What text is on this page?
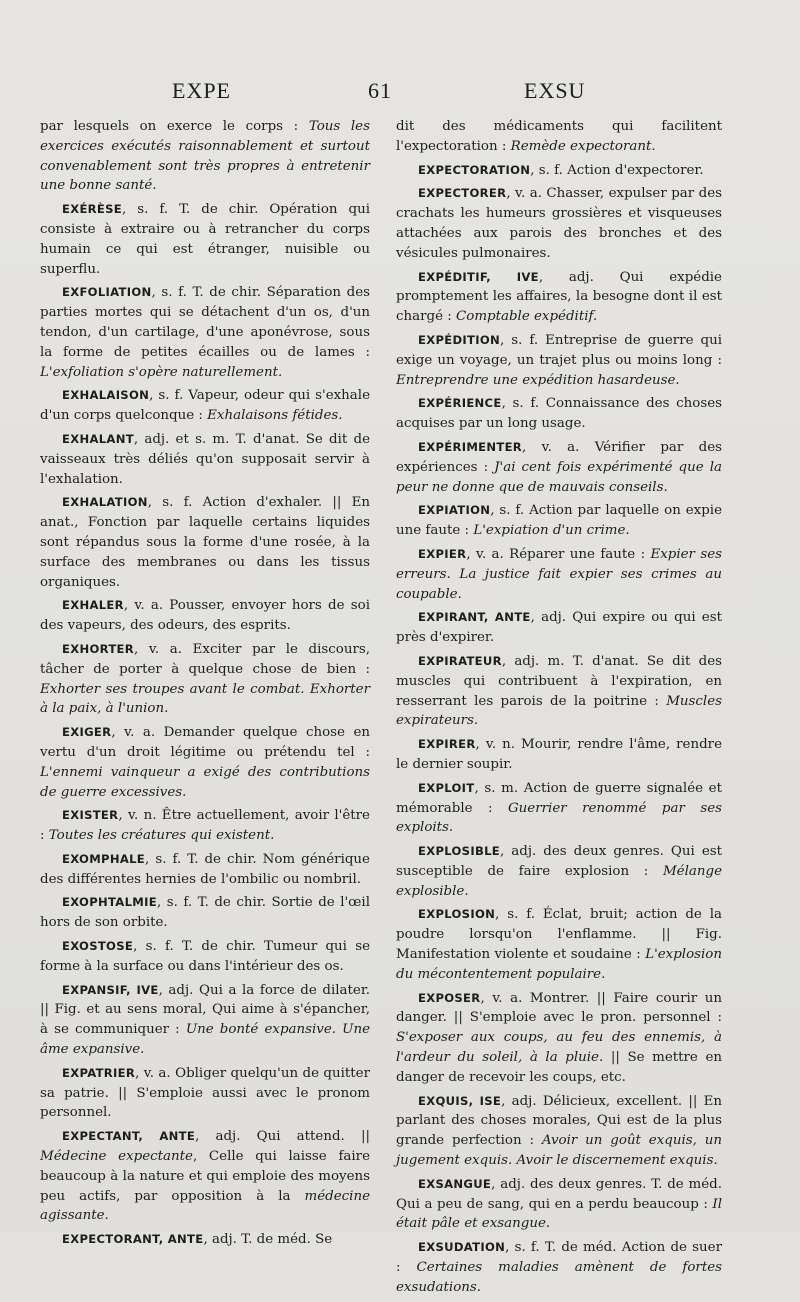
EXPE	61	EXSU

par lesquels on exerce le corps : Tous les exercices exécutés raisonnablement et surtout convenablement sont très propres à entretenir une bonne santé.

EXÉRÈSE, s. f. T. de chir. Opération qui consiste à extraire ou à retrancher du corps humain ce qui est étranger, nuisible ou superflu.

EXFOLIATION, s. f. T. de chir. Séparation des parties mortes qui se détachent d'un os, d'un tendon, d'un cartilage, d'une aponévrose, sous la forme de petites écailles ou de lames : L'exfoliation s'opère naturellement.

EXHALAISON, s. f. Vapeur, odeur qui s'exhale d'un corps quelconque : Exhalaisons fétides.

EXHALANT, adj. et s. m. T. d'anat. Se dit de vaisseaux très déliés qu'on supposait servir à l'exhalation.

EXHALATION, s. f. Action d'exhaler. || En anat., Fonction par laquelle certains liquides sont répandus sous la forme d'une rosée, à la surface des membranes ou dans les tissus organiques.

EXHALER, v. a. Pousser, envoyer hors de soi des vapeurs, des odeurs, des esprits.

EXHORTER, v. a. Exciter par le discours, tâcher de porter à quelque chose de bien : Exhorter ses troupes avant le combat. Exhorter à la paix, à l'union.

EXIGER, v. a. Demander quelque chose en vertu d'un droit légitime ou prétendu tel : L'ennemi vainqueur a exigé des contributions de guerre excessives.

EXISTER, v. n. Être actuellement, avoir l'être : Toutes les créatures qui existent.

EXOMPHALE, s. f. T. de chir. Nom générique des différentes hernies de l'ombilic ou nombril.

EXOPHTALMIE, s. f. T. de chir. Sortie de l'œil hors de son orbite.

EXOSTOSE, s. f. T. de chir. Tumeur qui se forme à la surface ou dans l'intérieur des os.

EXPANSIF, IVE, adj. Qui a la force de dilater. || Fig. et au sens moral, Qui aime à s'épancher, à se communiquer : Une bonté expansive. Une âme expansive.

EXPATRIER, v. a. Obliger quelqu'un de quitter sa patrie. || S'emploie aussi avec le pronom personnel.

EXPECTANT, ANTE, adj. Qui attend. || Médecine expectante, Celle qui laisse faire beaucoup à la nature et qui emploie des moyens peu actifs, par opposition à la médecine agissante.

EXPECTORANT, ANTE, adj. T. de méd. Se

dit des médicaments qui facilitent l'expectoration : Remède expectorant.

EXPECTORATION, s. f. Action d'expectorer.

EXPECTORER, v. a. Chasser, expulser par des crachats les humeurs grossières et visqueuses attachées aux parois des bronches et des vésicules pulmonaires.

EXPÉDITIF, IVE, adj. Qui expédie promptement les affaires, la besogne dont il est chargé : Comptable expéditif.

EXPÉDITION, s. f. Entreprise de guerre qui exige un voyage, un trajet plus ou moins long : Entreprendre une expédition hasardeuse.

EXPÉRIENCE, s. f. Connaissance des choses acquises par un long usage.

EXPÉRIMENTER, v. a. Vérifier par des expériences : J'ai cent fois expérimenté que la peur ne donne que de mauvais conseils.

EXPIATION, s. f. Action par laquelle on expie une faute : L'expiation d'un crime.

EXPIER, v. a. Réparer une faute : Expier ses erreurs. La justice fait expier ses crimes au coupable.

EXPIRANT, ANTE, adj. Qui expire ou qui est près d'expirer.

EXPIRATEUR, adj. m. T. d'anat. Se dit des muscles qui contribuent à l'expiration, en resserrant les parois de la poitrine : Muscles expirateurs.

EXPIRER, v. n. Mourir, rendre l'âme, rendre le dernier soupir.

EXPLOIT, s. m. Action de guerre signalée et mémorable : Guerrier renommé par ses exploits.

EXPLOSIBLE, adj. des deux genres. Qui est susceptible de faire explosion : Mélange explosible.

EXPLOSION, s. f. Éclat, bruit; action de la poudre lorsqu'on l'enflamme. || Fig. Manifestation violente et soudaine : L'explosion du mécontentement populaire.

EXPOSER, v. a. Montrer. || Faire courir un danger. || S'emploie avec le pron. personnel : S'exposer aux coups, au feu des ennemis, à l'ardeur du soleil, à la pluie. || Se mettre en danger de recevoir les coups, etc.

EXQUIS, ISE, adj. Délicieux, excellent. || En parlant des choses morales, Qui est de la plus grande perfection : Avoir un goût exquis, un jugement exquis. Avoir le discernement exquis.

EXSANGUE, adj. des deux genres. T. de méd. Qui a peu de sang, qui en a perdu beaucoup : Il était pâle et exsangue.

EXSUDATION, s. f. T. de méd. Action de suer : Certaines maladies amènent de fortes exsudations.
